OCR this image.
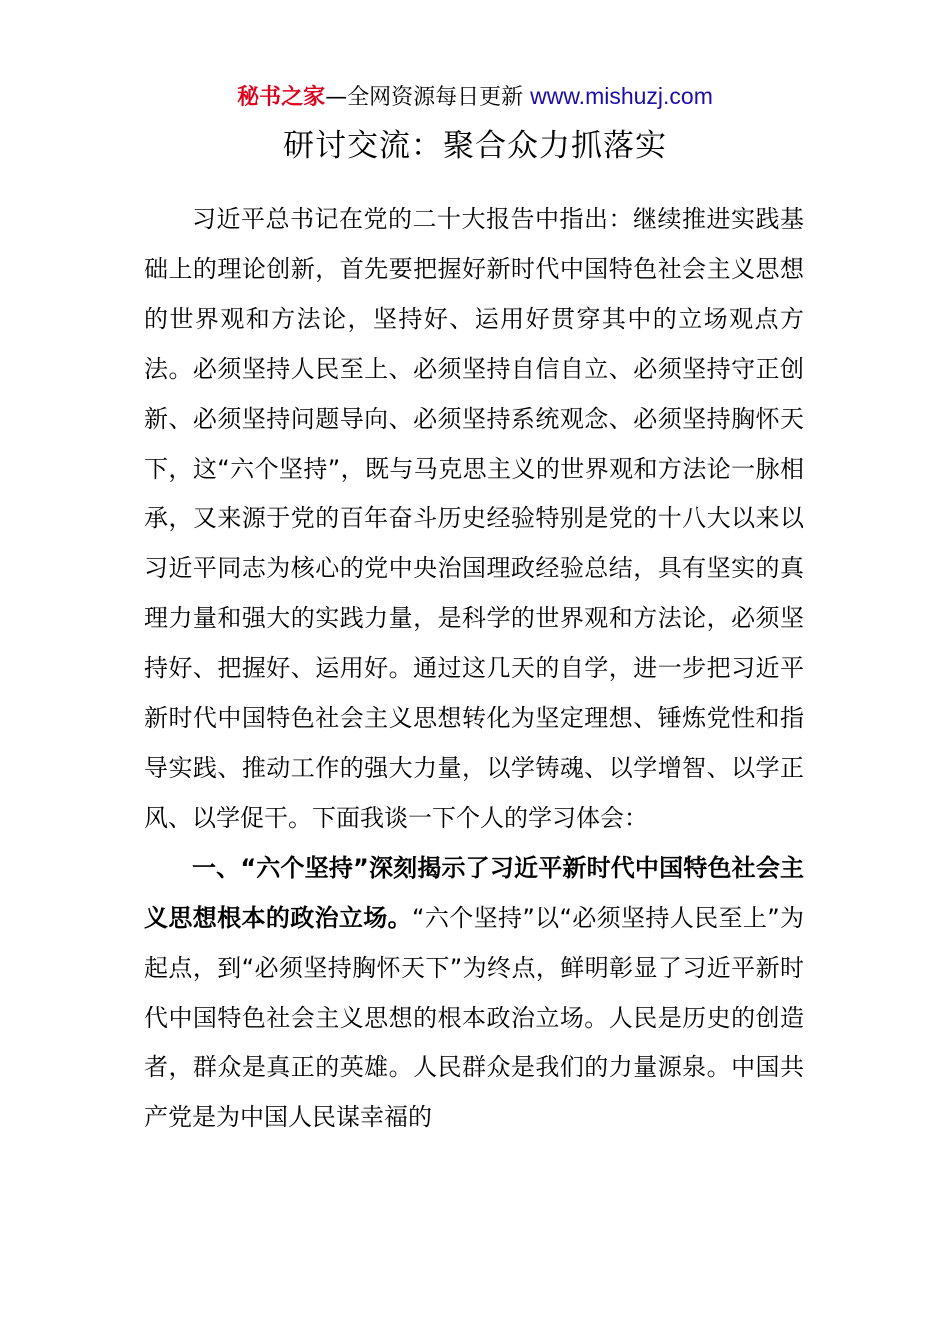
秘书之家—全网资源每日更新 www.mishuzj.com
研讨交流：聚合众力抓落实

习近平总书记在党的二十大报告中指出：继续推进实践基础上的理论创新，首先要把握好新时代中国特色社会主义思想的世界观和方法论，坚持好、运用好贯穿其中的立场观点方法。必须坚持人民至上、必须坚持自信自立、必须坚持守正创新、必须坚持问题导向、必须坚持系统观念、必须坚持胸怀天下，这“六个坚持”，既与马克思主义的世界观和方法论一脉相承，又来源于党的百年奋斗历史经验特别是党的十八大以来以习近平同志为核心的党中央治国理政经验总结，具有坚实的真理力量和强大的实践力量，是科学的世界观和方法论，必须坚持好、把握好、运用好。通过这几天的自学，进一步把习近平新时代中国特色社会主义思想转化为坚定理想、锤炼党性和指导实践、推动工作的强大力量，以学铸魂、以学增智、以学正风、以学促干。下面我谈一下个人的学习体会：

一、“六个坚持”深刻揭示了习近平新时代中国特色社会主义思想根本的政治立场。“六个坚持”以“必须坚持人民至上”为起点，到“必须坚持胸怀天下”为终点，鲜明彰显了习近平新时代中国特色社会主义思想的根本政治立场。人民是历史的创造者，群众是真正的英雄。人民群众是我们的力量源泉。中国共产党是为中国人民谋幸福的
